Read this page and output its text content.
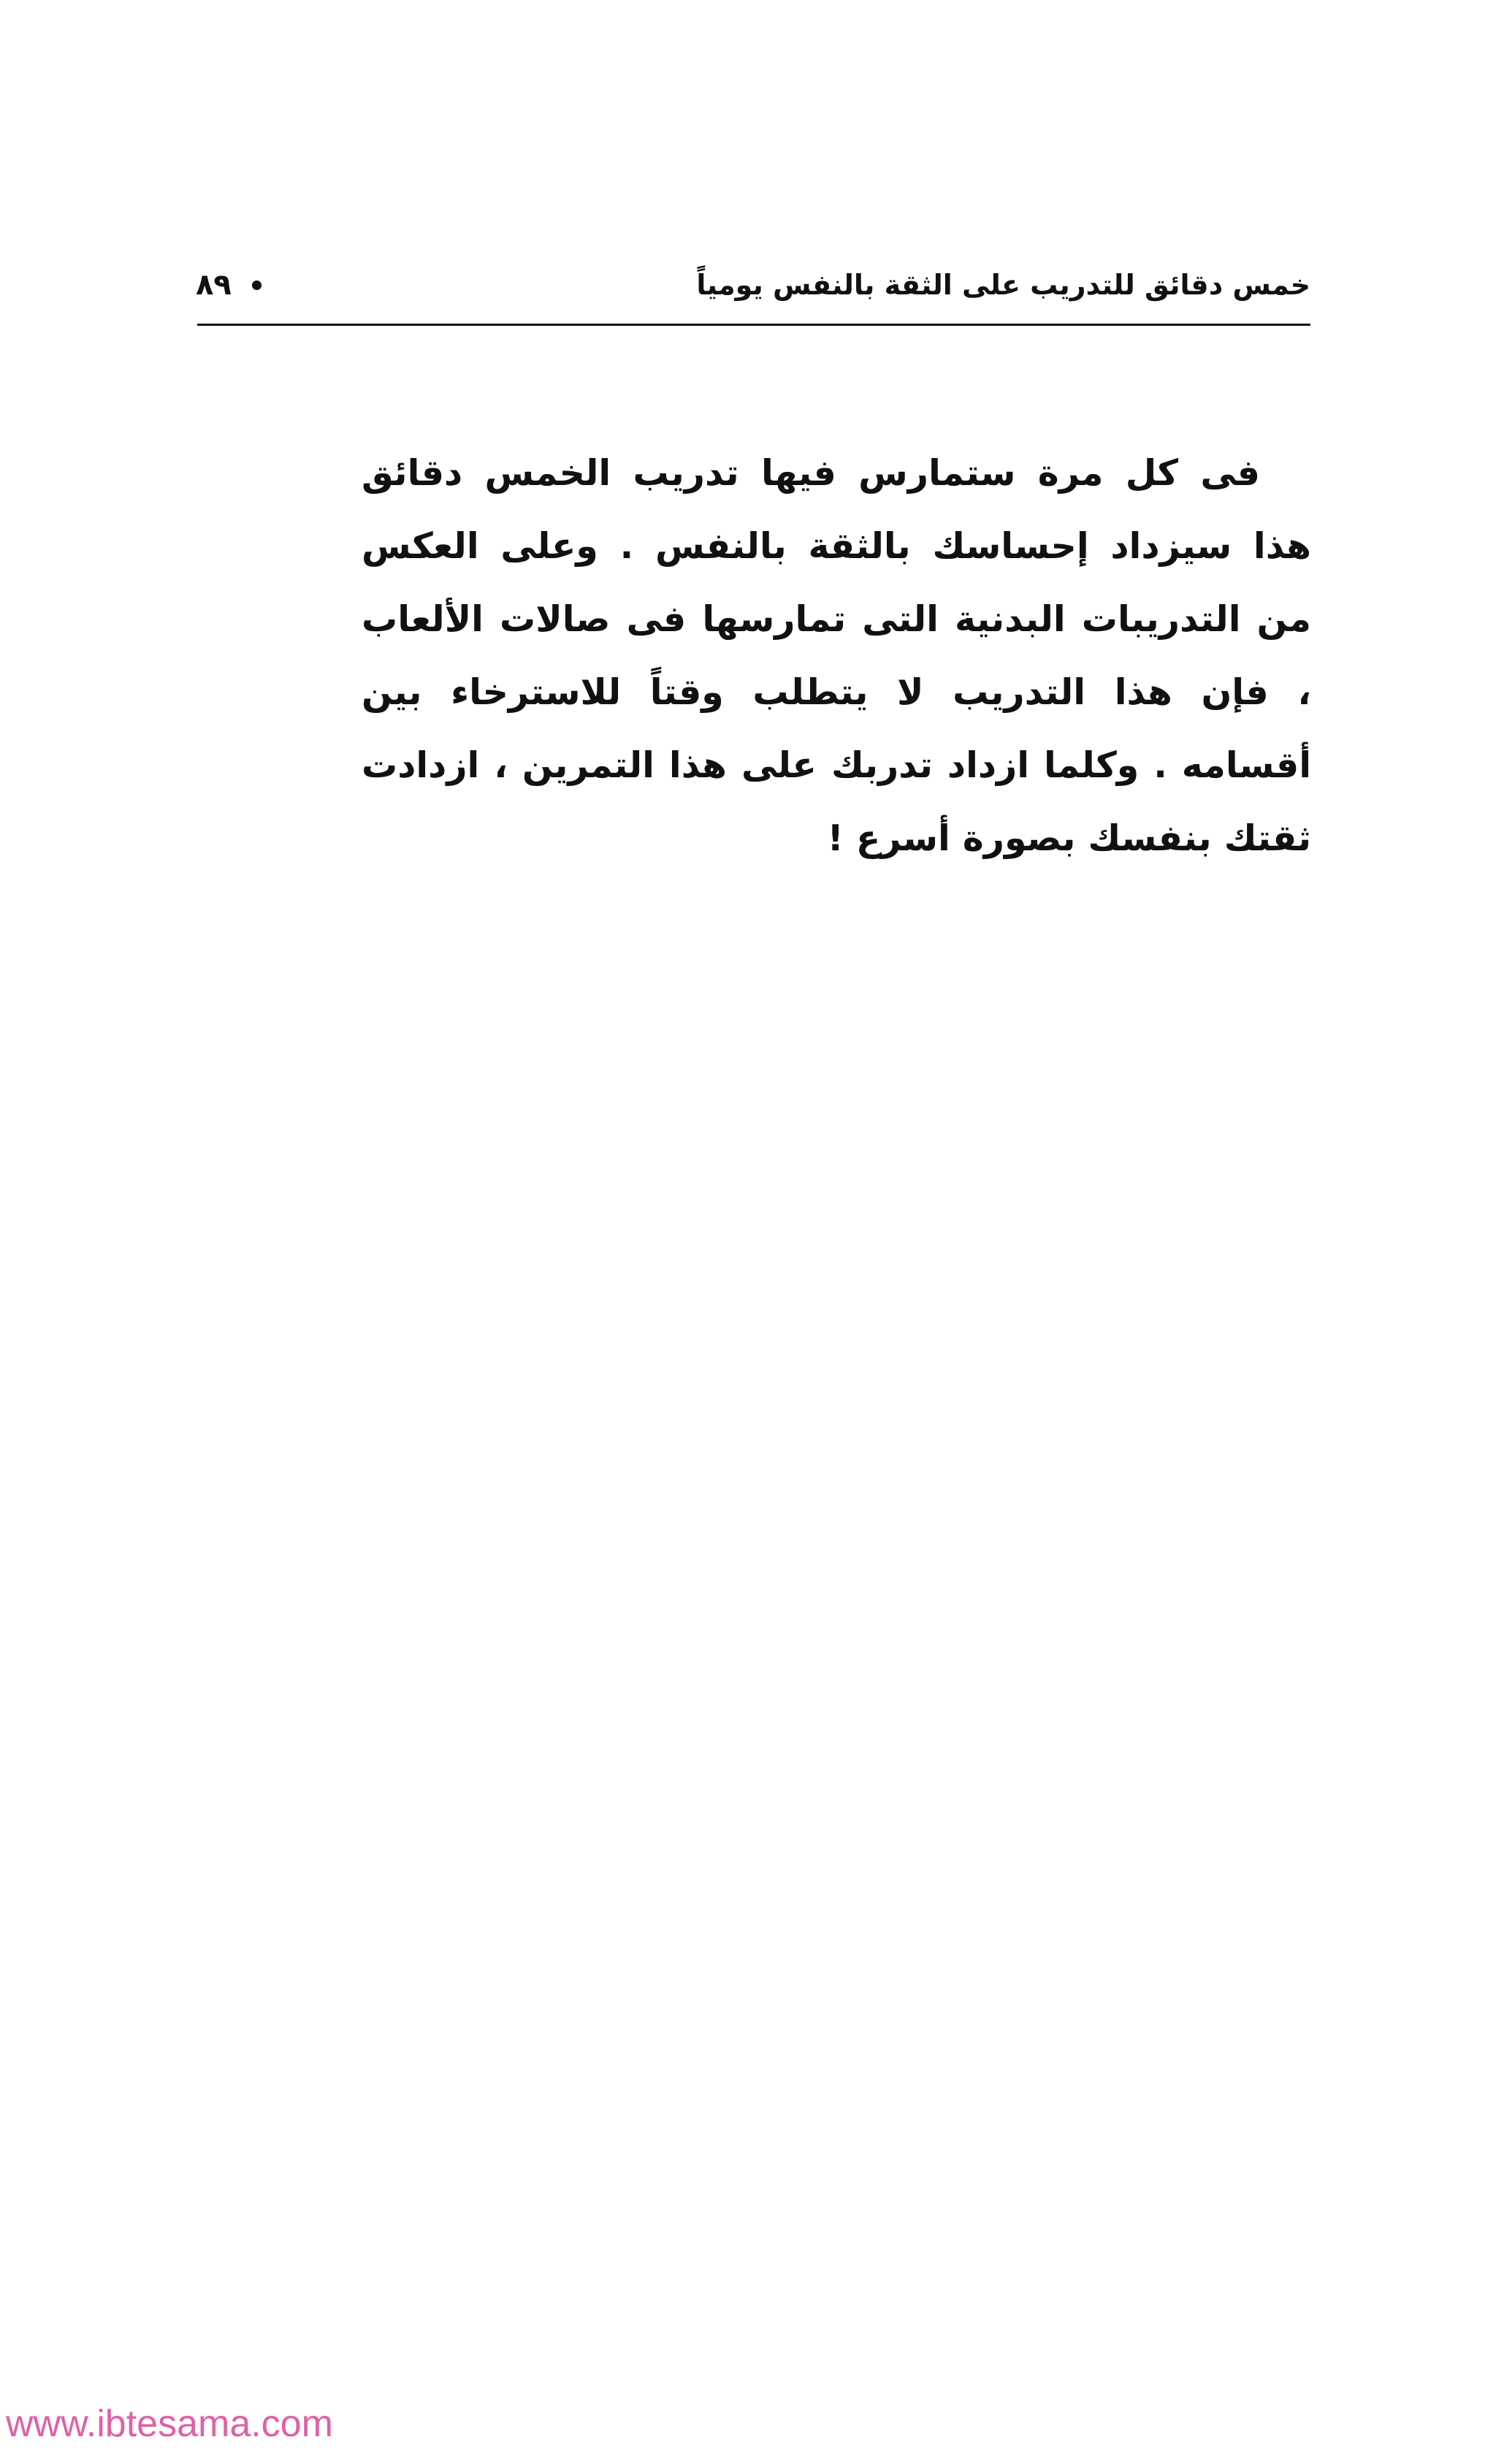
خمس دقائق للتدريب على الثقة بالنفس يومياً
٨٩

فى كل مرة ستمارس فيها تدريب الخمس دقائق هذا سيزداد إحساسك بالثقة بالنفس . وعلى العكس من التدريبات البدنية التى تمارسها فى صالات الألعاب ، فإن هذا التدريب لا يتطلب وقتاً للاسترخاء بين أقسامه . وكلما ازداد تدربك على هذا التمرين ، ازدادت ثقتك بنفسك بصورة أسرع !

www.ibtesama.com
